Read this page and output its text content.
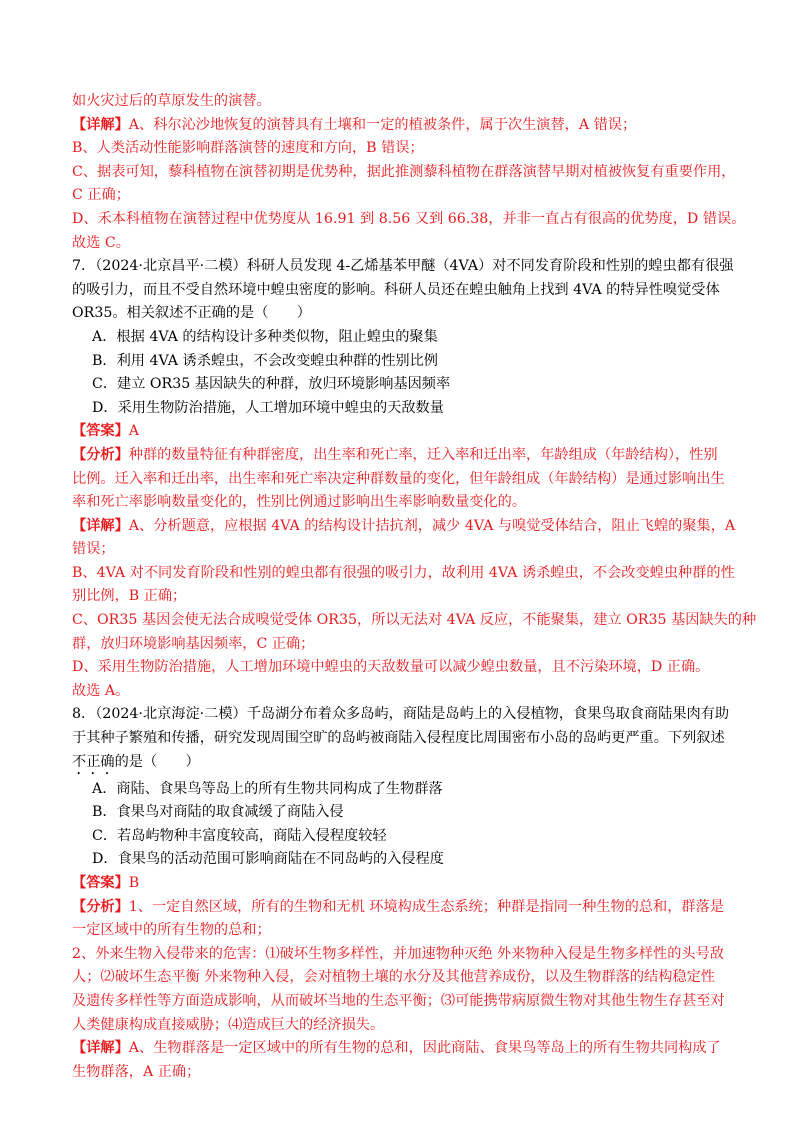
如火灾过后的草原发生的演替。
【详解】A、科尔沁沙地恢复的演替具有土壤和一定的植被条件，属于次生演替，A 错误；
B、人类活动性能影响群落演替的速度和方向，B 错误；
C、据表可知，藜科植物在演替初期是优势种，据此推测藜科植物在群落演替早期对植被恢复有重要作用，
C 正确；
D、禾本科植物在演替过程中优势度从 16.91 到 8.56 又到 66.38，并非一直占有很高的优势度，D 错误。
故选 C。
7．（2024·北京昌平·二模）科研人员发现 4-乙烯基苯甲醚（4VA）对不同发育阶段和性别的蝗虫都有很强
的吸引力，而且不受自然环境中蝗虫密度的影响。科研人员还在蝗虫触角上找到 4VA 的特异性嗅觉受体
OR35。相关叙述不正确的是（　　）
A．根据 4VA 的结构设计多种类似物，阻止蝗虫的聚集
B．利用 4VA 诱杀蝗虫，不会改变蝗虫种群的性别比例
C．建立 OR35 基因缺失的种群，放归环境影响基因频率
D．采用生物防治措施，人工增加环境中蝗虫的天敌数量
【答案】A
【分析】种群的数量特征有种群密度，出生率和死亡率，迁入率和迁出率，年龄组成（年龄结构），性别
比例。迁入率和迁出率，出生率和死亡率决定种群数量的变化，但年龄组成（年龄结构）是通过影响出生
率和死亡率影响数量变化的，性别比例通过影响出生率影响数量变化的。
【详解】A、分析题意，应根据 4VA 的结构设计拮抗剂，减少 4VA 与嗅觉受体结合，阻止飞蝗的聚集，A
错误；
B、4VA 对不同发育阶段和性别的蝗虫都有很强的吸引力，故利用 4VA 诱杀蝗虫，不会改变蝗虫种群的性
别比例，B 正确；
C、OR35 基因会使无法合成嗅觉受体 OR35，所以无法对 4VA 反应，不能聚集，建立 OR35 基因缺失的种
群，放归环境影响基因频率，C 正确；
D、采用生物防治措施，人工增加环境中蝗虫的天敌数量可以减少蝗虫数量，且不污染环境，D 正确。
故选 A。
8．（2024·北京海淀·二模）千岛湖分布着众多岛屿，商陆是岛屿上的入侵植物，食果鸟取食商陆果肉有助
于其种子繁殖和传播，研究发现周围空旷的岛屿被商陆入侵程度比周围密布小岛的岛屿更严重。下列叙述
不正确的是（　　）
A．商陆、食果鸟等岛上的所有生物共同构成了生物群落
B．食果鸟对商陆的取食减缓了商陆入侵
C．若岛屿物种丰富度较高，商陆入侵程度较轻
D．食果鸟的活动范围可影响商陆在不同岛屿的入侵程度
【答案】B
【分析】1、一定自然区域，所有的生物和无机 环境构成生态系统；种群是指同一种生物的总和，群落是
一定区域中的所有生物的总和；
2、外来生物入侵带来的危害：⑴破坏生物多样性，并加速物种灭绝 外来物种入侵是生物多样性的头号敌
人；⑵破坏生态平衡 外来物种入侵，会对植物土壤的水分及其他营养成份，以及生物群落的结构稳定性
及遗传多样性等方面造成影响，从而破坏当地的生态平衡；⑶可能携带病原微生物对其他生物生存甚至对
人类健康构成直接威胁；⑷造成巨大的经济损失。
【详解】A、生物群落是一定区域中的所有生物的总和，因此商陆、食果鸟等岛上的所有生物共同构成了
生物群落，A 正确；
